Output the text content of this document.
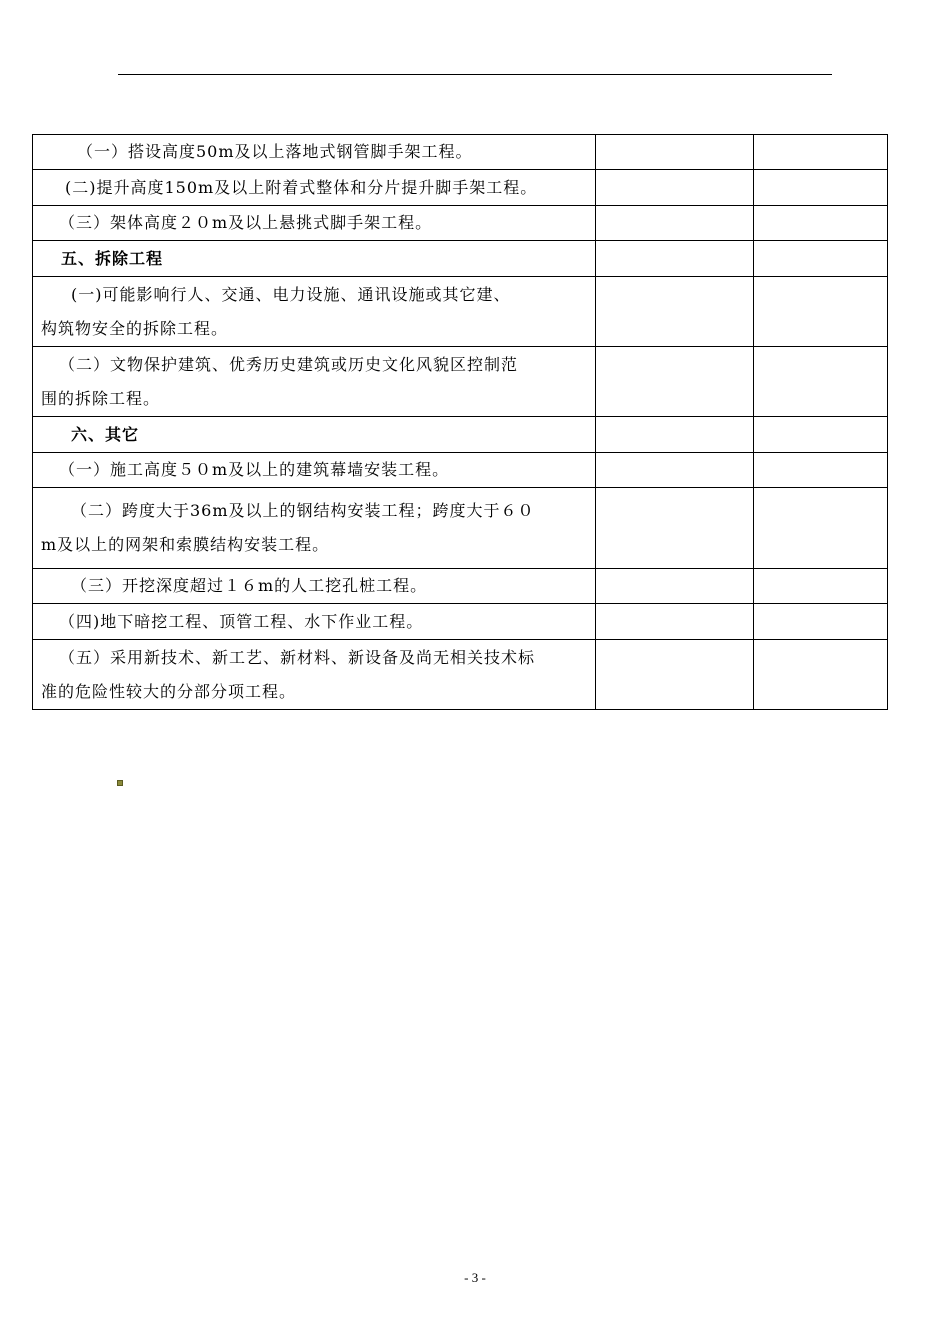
（一）搭设高度50m及以上落地式钢管脚手架工程。		

(二)提升高度150m及以上附着式整体和分片提升脚手架工程。		

（三）架体高度２０m及以上悬挑式脚手架工程。		

五、拆除工程		

(一)可能影响行人、交通、电力设施、通讯设施或其它建、
构筑物安全的拆除工程。		

（二）文物保护建筑、优秀历史建筑或历史文化风貌区控制范
围的拆除工程。		

六、其它		

（一）施工高度５０m及以上的建筑幕墙安装工程。		

（二）跨度大于36m及以上的钢结构安装工程；跨度大于６０
m及以上的网架和索膜结构安装工程。		

（三）开挖深度超过１６m的人工挖孔桩工程。		

（四)地下暗挖工程、顶管工程、水下作业工程。		

（五）采用新技术、新工艺、新材料、新设备及尚无相关技术标
准的危险性较大的分部分项工程。		

- 3 -
